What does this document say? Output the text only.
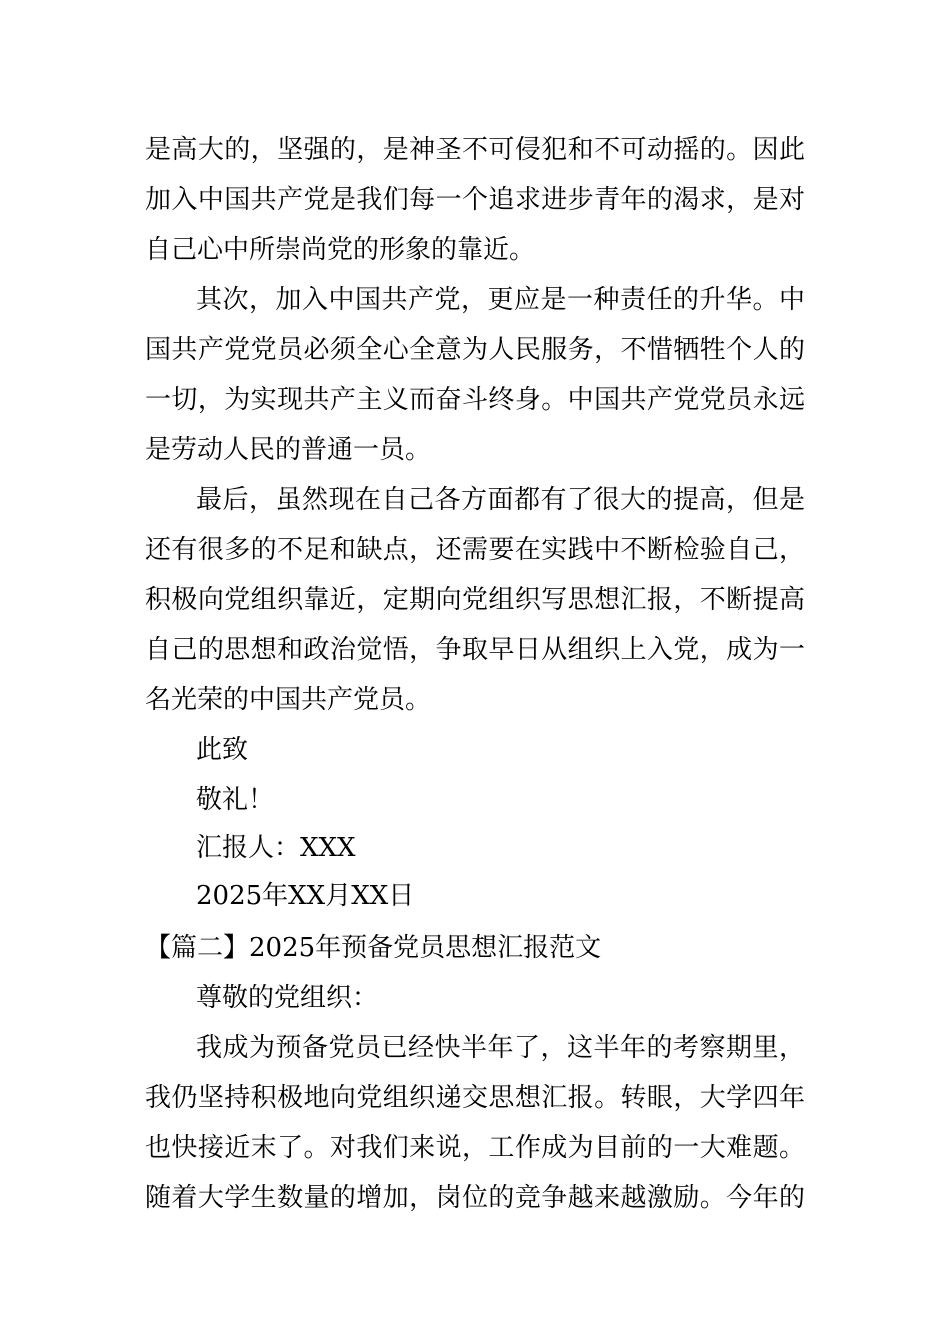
是高大的，坚强的，是神圣不可侵犯和不可动摇的。因此
加入中国共产党是我们每一个追求进步青年的渴求，是对
自己心中所崇尚党的形象的靠近。
其次，加入中国共产党，更应是一种责任的升华。中
国共产党党员必须全心全意为人民服务，不惜牺牲个人的
一切，为实现共产主义而奋斗终身。中国共产党党员永远
是劳动人民的普通一员。
最后，虽然现在自己各方面都有了很大的提高，但是
还有很多的不足和缺点，还需要在实践中不断检验自己，
积极向党组织靠近，定期向党组织写思想汇报，不断提高
自己的思想和政治觉悟，争取早日从组织上入党，成为一
名光荣的中国共产党员。
此致
敬礼！
汇报人：XXX
2025年XX月XX日
【篇二】2025年预备党员思想汇报范文
尊敬的党组织：
我成为预备党员已经快半年了，这半年的考察期里，
我仍坚持积极地向党组织递交思想汇报。转眼，大学四年
也快接近末了。对我们来说，工作成为目前的一大难题。
随着大学生数量的增加，岗位的竞争越来越激励。今年的
